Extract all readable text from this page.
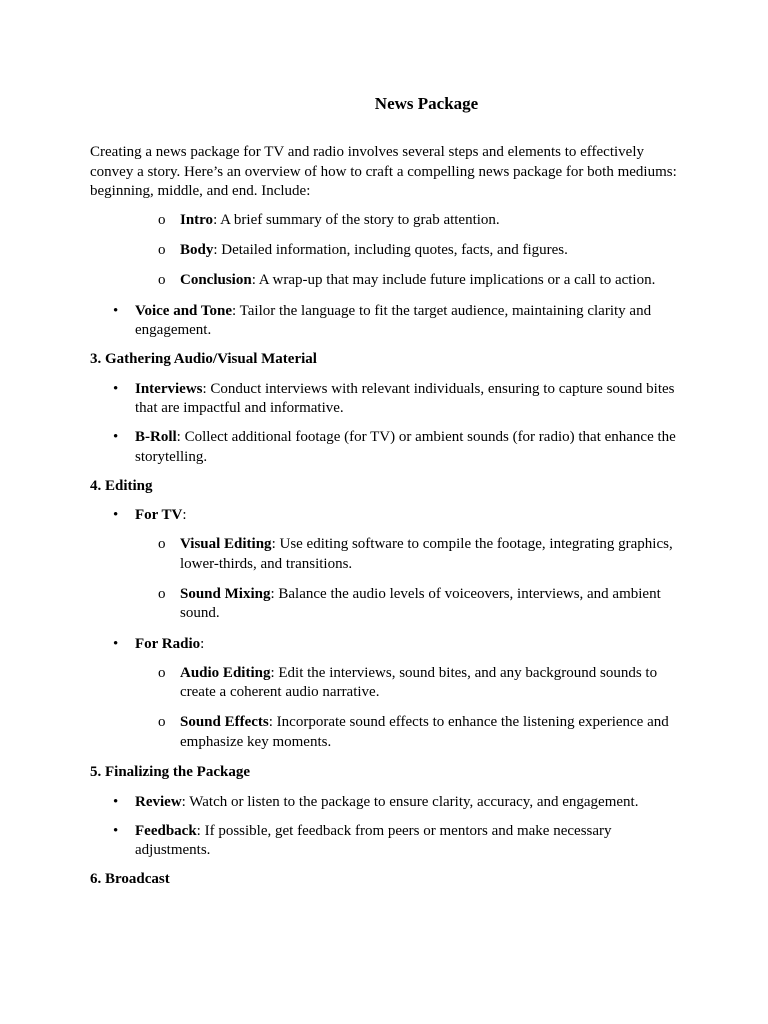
News Package
Creating a news package for TV and radio involves several steps and elements to effectively convey a story. Here’s an overview of how to craft a compelling news package for both mediums: beginning, middle, and end. Include:
o Intro: A brief summary of the story to grab attention.
o Body: Detailed information, including quotes, facts, and figures.
o Conclusion: A wrap-up that may include future implications or a call to action.
• Voice and Tone: Tailor the language to fit the target audience, maintaining clarity and engagement.
3. Gathering Audio/Visual Material
• Interviews: Conduct interviews with relevant individuals, ensuring to capture sound bites that are impactful and informative.
• B-Roll: Collect additional footage (for TV) or ambient sounds (for radio) that enhance the storytelling.
4. Editing
• For TV:
o Visual Editing: Use editing software to compile the footage, integrating graphics, lower-thirds, and transitions.
o Sound Mixing: Balance the audio levels of voiceovers, interviews, and ambient sound.
• For Radio:
o Audio Editing: Edit the interviews, sound bites, and any background sounds to create a coherent audio narrative.
o Sound Effects: Incorporate sound effects to enhance the listening experience and emphasize key moments.
5. Finalizing the Package
• Review: Watch or listen to the package to ensure clarity, accuracy, and engagement.
• Feedback: If possible, get feedback from peers or mentors and make necessary adjustments.
6. Broadcast
